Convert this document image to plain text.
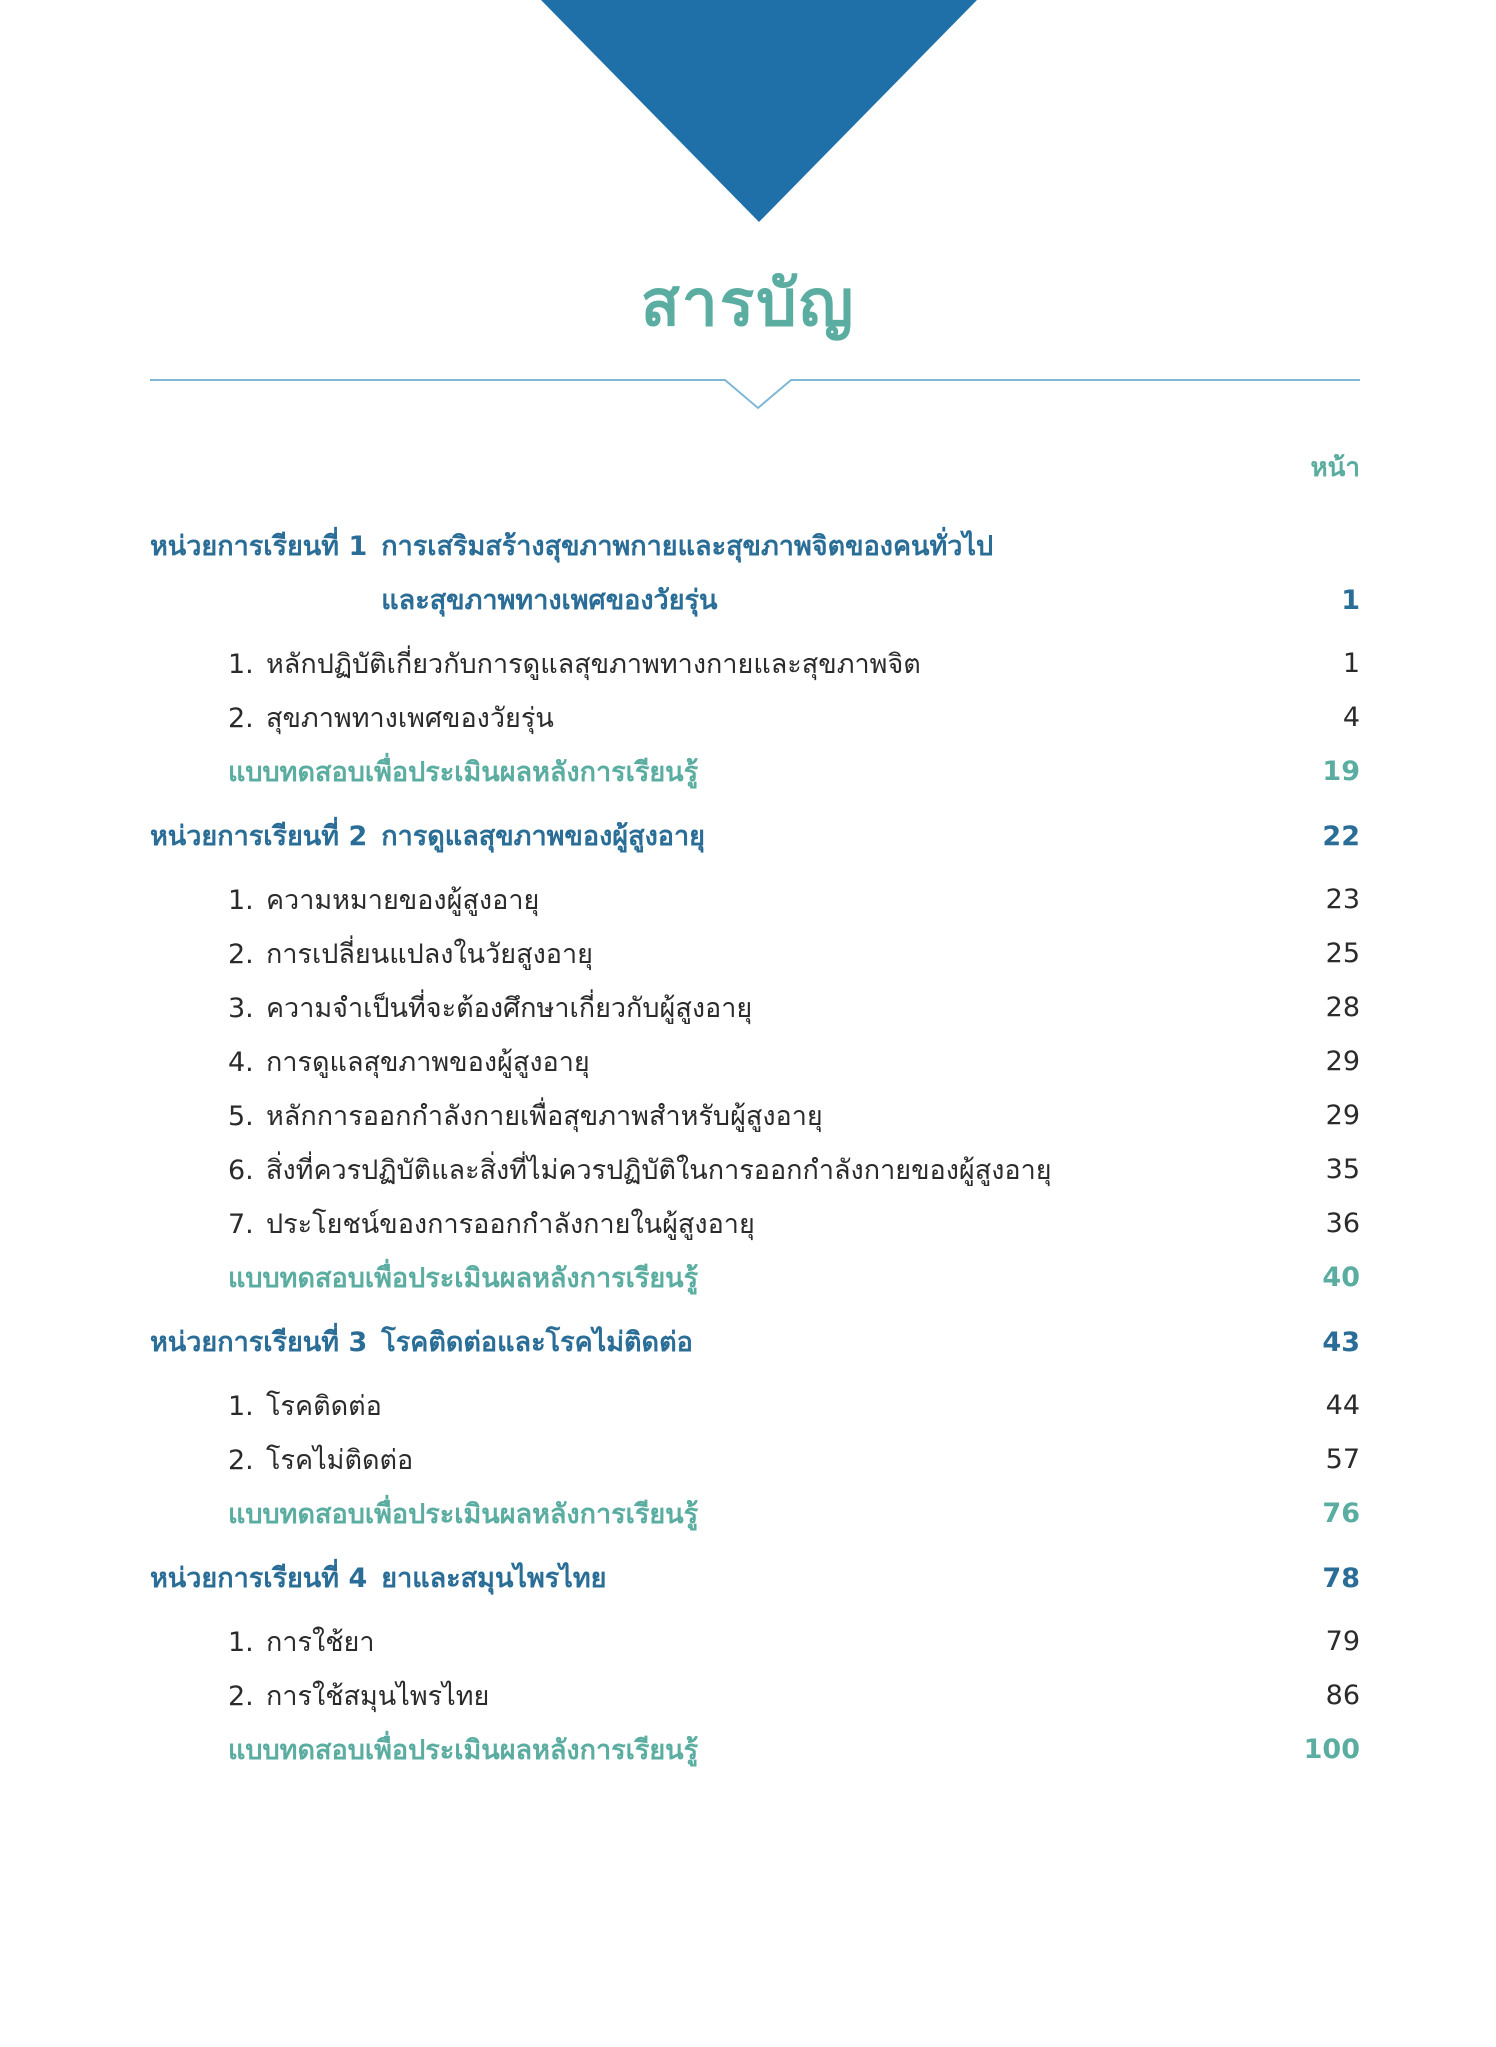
สารบัญ
หน้า
หน่วยการเรียนที่ 1 การเสริมสร้างสุขภาพกายและสุขภาพจิตของคนทั่วไป และสุขภาพทางเพศของวัยรุ่น	1
1. หลักปฏิบัติเกี่ยวกับการดูแลสุขภาพทางกายและสุขภาพจิต	1
2. สุขภาพทางเพศของวัยรุ่น	4
แบบทดสอบเพื่อประเมินผลหลังการเรียนรู้	19
หน่วยการเรียนที่ 2 การดูแลสุขภาพของผู้สูงอายุ	22
1. ความหมายของผู้สูงอายุ	23
2. การเปลี่ยนแปลงในวัยสูงอายุ	25
3. ความจำเป็นที่จะต้องศึกษาเกี่ยวกับผู้สูงอายุ	28
4. การดูแลสุขภาพของผู้สูงอายุ	29
5. หลักการออกกำลังกายเพื่อสุขภาพสำหรับผู้สูงอายุ	29
6. สิ่งที่ควรปฏิบัติและสิ่งที่ไม่ควรปฏิบัติในการออกกำลังกายของผู้สูงอายุ	35
7. ประโยชน์ของการออกกำลังกายในผู้สูงอายุ	36
แบบทดสอบเพื่อประเมินผลหลังการเรียนรู้	40
หน่วยการเรียนที่ 3 โรคติดต่อและโรคไม่ติดต่อ	43
1. โรคติดต่อ	44
2. โรคไม่ติดต่อ	57
แบบทดสอบเพื่อประเมินผลหลังการเรียนรู้	76
หน่วยการเรียนที่ 4 ยาและสมุนไพรไทย	78
1. การใช้ยา	79
2. การใช้สมุนไพรไทย	86
แบบทดสอบเพื่อประเมินผลหลังการเรียนรู้	100
